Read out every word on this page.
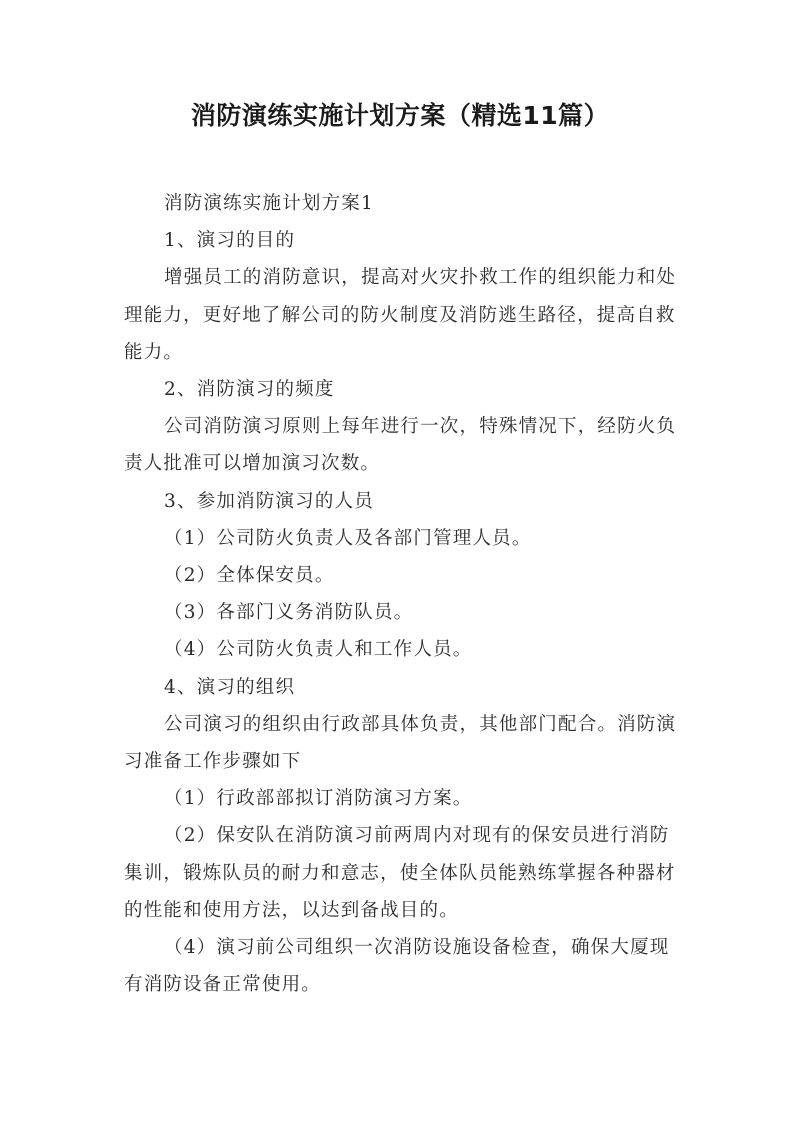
消防演练实施计划方案（精选11篇）

消防演练实施计划方案1

1、演习的目的

增强员工的消防意识，提高对火灾扑救工作的组织能力和处理能力，更好地了解公司的防火制度及消防逃生路径，提高自救能力。

2、消防演习的频度

公司消防演习原则上每年进行一次，特殊情况下，经防火负责人批准可以增加演习次数。

3、参加消防演习的人员

（1）公司防火负责人及各部门管理人员。

（2）全体保安员。

（3）各部门义务消防队员。

（4）公司防火负责人和工作人员。

4、演习的组织

公司演习的组织由行政部具体负责，其他部门配合。消防演习准备工作步骤如下

（1）行政部部拟订消防演习方案。

（2）保安队在消防演习前两周内对现有的保安员进行消防集训，锻炼队员的耐力和意志，使全体队员能熟练掌握各种器材的性能和使用方法，以达到备战目的。

（4）演习前公司组织一次消防设施设备检查，确保大厦现有消防设备正常使用。
